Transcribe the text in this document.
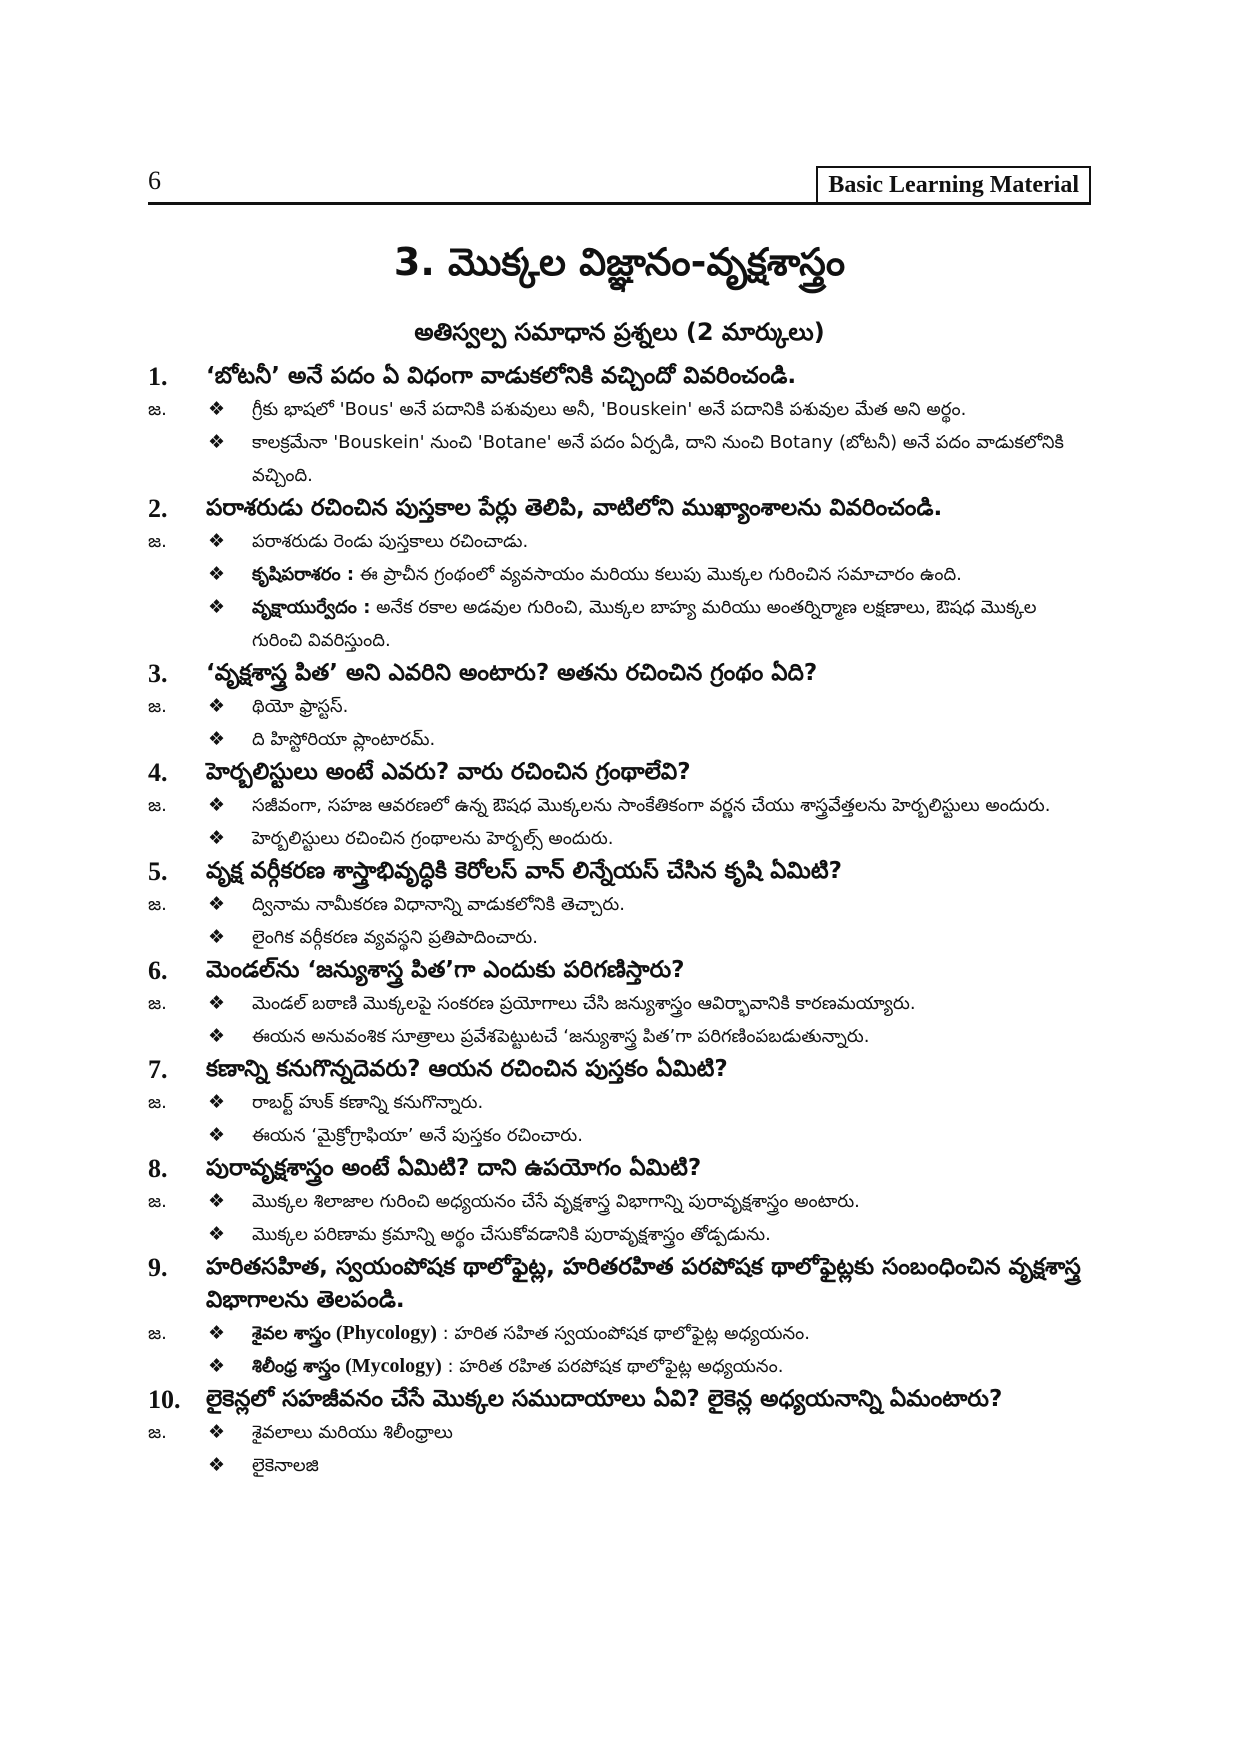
6	Basic Learning Material
3. మొక్కల విజ్ఞానం-వృక్షశాస్త్రం
అతిస్వల్ప సమాధాన ప్రశ్నలు (2 మార్కులు)
1. ‘బోటనీ’ అనే పదం ఏ విధంగా వాడుకలోనికి వచ్చిందో వివరించండి.
జ. ❖ గ్రీకు భాషలో 'Bous' అనే పదానికి పశువులు అనీ, 'Bouskein' అనే పదానికి పశువుల మేత అని అర్థం.
❖ కాలక్రమేనా 'Bouskein' నుంచి 'Botane' అనే పదం ఏర్పడి, దాని నుంచి Botany (బోటనీ) అనే పదం వాడుకలోనికి వచ్చింది.
2. పరాశరుడు రచించిన పుస్తకాల పేర్లు తెలిపి, వాటిలోని ముఖ్యాంశాలను వివరించండి.
జ. ❖ పరాశరుడు రెండు పుస్తకాలు రచించాడు.
❖ కృషిపరాశరం : ఈ ప్రాచీన గ్రంథంలో వ్యవసాయం మరియు కలుపు మొక్కల గురించిన సమాచారం ఉంది.
❖ వృక్షాయుర్వేదం : అనేక రకాల అడవుల గురించి, మొక్కల బాహ్య మరియు అంతర్నిర్మాణ లక్షణాలు, ఔషధ మొక్కల గురించి వివరిస్తుంది.
3. ‘వృక్షశాస్త్ర పిత’ అని ఎవరిని అంటారు? అతను రచించిన గ్రంథం ఏది?
జ. ❖ థియో ఫ్రాస్టస్.
❖ ది హిస్టోరియా ప్లాంటారమ్.
4. హెర్బలిస్టులు అంటే ఎవరు? వారు రచించిన గ్రంథాలేవి?
జ. ❖ సజీవంగా, సహజ ఆవరణలో ఉన్న ఔషధ మొక్కలను సాంకేతికంగా వర్ణన చేయు శాస్త్రవేత్తలను హెర్బలిస్టులు అందురు.
❖ హెర్బలిస్టులు రచించిన గ్రంథాలను హెర్బల్స్ అందురు.
5. వృక్ష వర్గీకరణ శాస్త్రాభివృద్ధికి కెరోలస్ వాన్ లిన్నేయస్ చేసిన కృషి ఏమిటి?
జ. ❖ ద్వినామ నామీకరణ విధానాన్ని వాడుకలోనికి తెచ్చారు.
❖ లైంగిక వర్గీకరణ వ్యవస్థని ప్రతిపాదించారు.
6. మెండల్‌ను ‘జన్యుశాస్త్ర పిత’గా ఎందుకు పరిగణిస్తారు?
జ. ❖ మెండల్ బఠాణి మొక్కలపై సంకరణ ప్రయోగాలు చేసి జన్యుశాస్త్రం ఆవిర్భావానికి కారణమయ్యారు.
❖ ఈయన అనువంశిక సూత్రాలు ప్రవేశపెట్టుటచే ‘జన్యుశాస్త్ర పిత’గా పరిగణింపబడుతున్నారు.
7. కణాన్ని కనుగొన్నదెవరు? ఆయన రచించిన పుస్తకం ఏమిటి?
జ. ❖ రాబర్ట్ హుక్ కణాన్ని కనుగొన్నారు.
❖ ఈయన ‘మైక్రోగ్రాఫియా’ అనే పుస్తకం రచించారు.
8. పురావృక్షశాస్త్రం అంటే ఏమిటి? దాని ఉపయోగం ఏమిటి?
జ. ❖ మొక్కల శిలాజాల గురించి అధ్యయనం చేసే వృక్షశాస్త్ర విభాగాన్ని పురావృక్షశాస్త్రం అంటారు.
❖ మొక్కల పరిణామ క్రమాన్ని అర్థం చేసుకోవడానికి పురావృక్షశాస్త్రం తోడ్పడును.
9. హరితసహిత, స్వయంపోషక థాలోఫైట్ల, హరితరహిత పరపోషక థాలోఫైట్లకు సంబంధించిన వృక్షశాస్త్ర విభాగాలను తెలపండి.
జ. ❖ శైవల శాస్త్రం (Phycology) : హరిత సహిత స్వయంపోషక థాలోఫైట్ల అధ్యయనం.
❖ శిలీంధ్ర శాస్త్రం (Mycology) : హరిత రహిత పరపోషక థాలోఫైట్ల అధ్యయనం.
10. లైకెన్లలో సహజీవనం చేసే మొక్కల సముదాయాలు ఏవి? లైకెన్ల అధ్యయనాన్ని ఏమంటారు?
జ. ❖ శైవలాలు మరియు శిలీంధ్రాలు
❖ లైకెనాలజి
